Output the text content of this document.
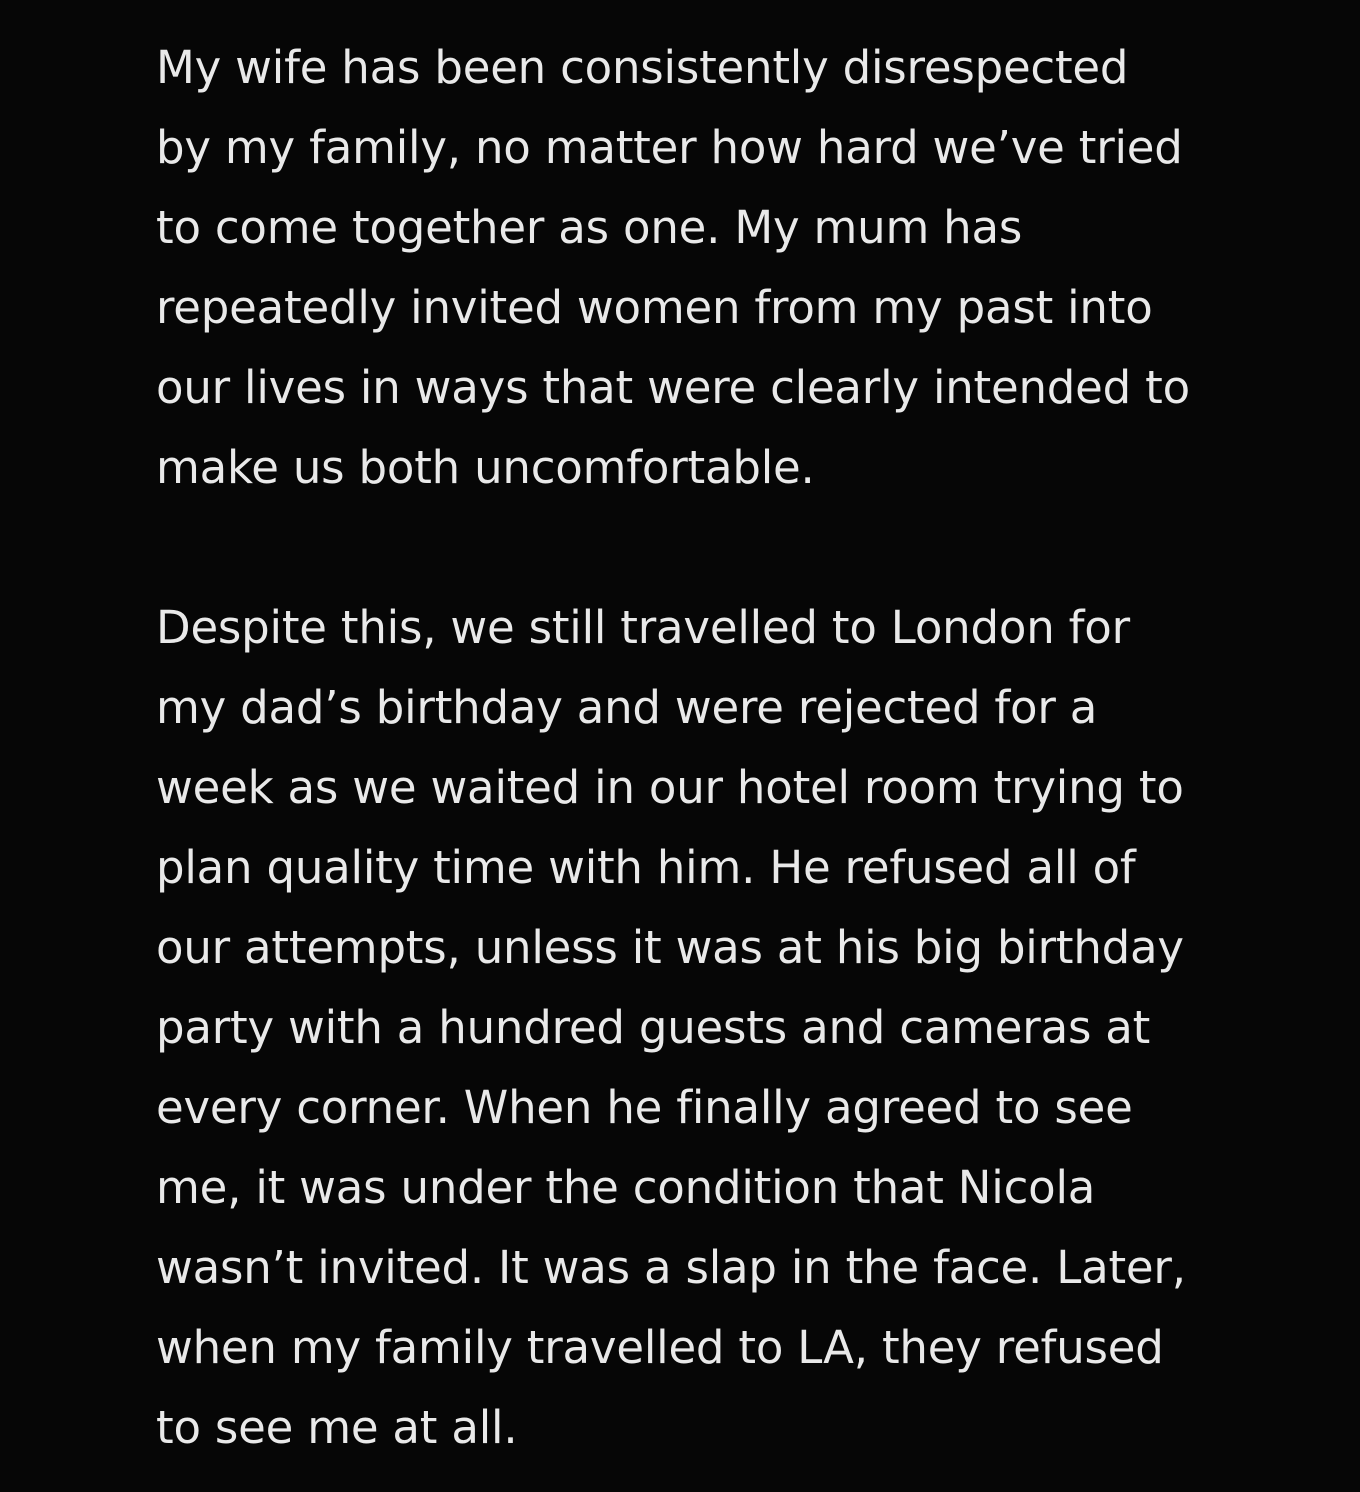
My wife has been consistently disrespected by my family, no matter how hard we’ve tried to come together as one. My mum has repeatedly invited women from my past into our lives in ways that were clearly intended to make us both uncomfortable.

Despite this, we still travelled to London for my dad’s birthday and were rejected for a week as we waited in our hotel room trying to plan quality time with him. He refused all of our attempts, unless it was at his big birthday party with a hundred guests and cameras at every corner. When he finally agreed to see me, it was under the condition that Nicola wasn’t invited. It was a slap in the face. Later, when my family travelled to LA, they refused to see me at all.
